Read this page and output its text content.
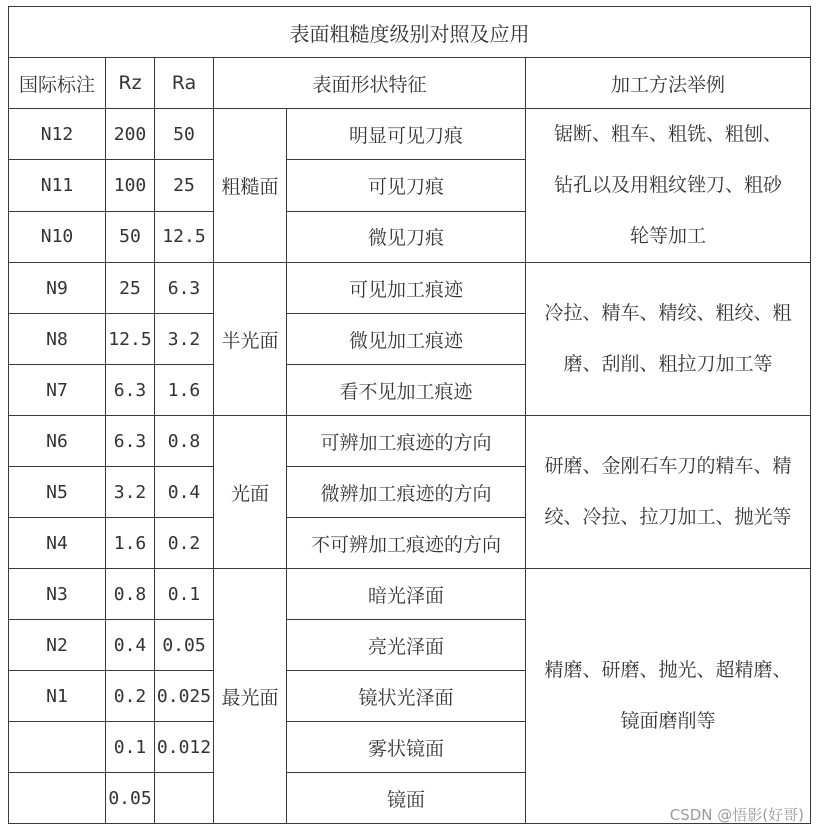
表面粗糙度级别对照及应用					
国际标注	Rz	Ra	表面形状特征		加工方法举例
N12	200	50	粗糙面	明显可见刀痕	锯断、粗车、粗铣、粗刨、
钻孔以及用粗纹锉刀、粗砂
轮等加工

N11	100	25		可见刀痕	
N10	50	12.5		微见刀痕	
N9	25	6.3	半光面	可见加工痕迹	冷拉、精车、精绞、粗绞、粗
磨、刮削、粗拉刀加工等

N8	12.5	3.2		微见加工痕迹	
N7	6.3	1.6		看不见加工痕迹	
N6	6.3	0.8	光面	可辨加工痕迹的方向	研磨、金刚石车刀的精车、精
绞、冷拉、拉刀加工、抛光等

N5	3.2	0.4		微辨加工痕迹的方向	
N4	1.6	0.2		不可辨加工痕迹的方向	
N3	0.8	0.1	最光面	暗光泽面	精磨、研磨、抛光、超精磨、
镜面磨削等

N2	0.4	0.05		亮光泽面	
N1	0.2	0.025		镜状光泽面	
	0.1	0.012		雾状镜面	
	0.05			镜面	
CSDN @悟影(好哥)
